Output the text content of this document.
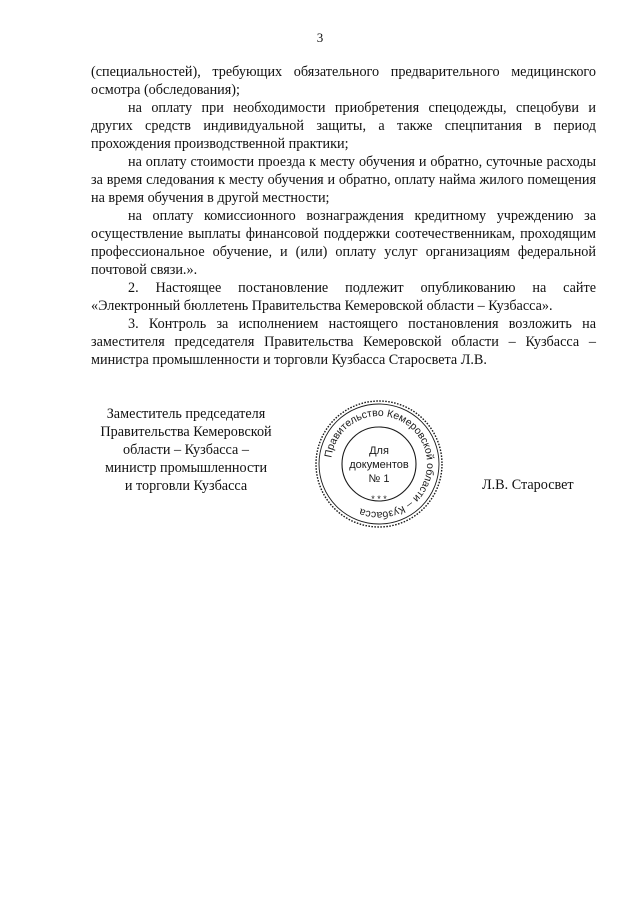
3

(специальностей), требующих обязательного предварительного медицинского осмотра (обследования);

на оплату при необходимости приобретения спецодежды, спецобуви и других средств индивидуальной защиты, а также спецпитания в период прохождения производственной практики;

на оплату стоимости проезда к месту обучения и обратно, суточные расходы за время следования к месту обучения и обратно, оплату найма жилого помещения на время обучения в другой местности;

на оплату комиссионного вознаграждения кредитному учреждению за осуществление выплаты финансовой поддержки соотечественникам, проходящим профессиональное обучение, и (или) оплату услуг организациям федеральной почтовой связи.».

2. Настоящее постановление подлежит опубликованию на сайте «Электронный бюллетень Правительства Кемеровской области – Кузбасса».

3. Контроль за исполнением настоящего постановления возложить на заместителя председателя Правительства Кемеровской области – Кузбасса – министра промышленности и торговли Кузбасса Старосвета Л.В.

Заместитель председателя
Правительства Кемеровской
области – Кузбасса –
министр промышленности
и торговли Кузбасса
Правительство Кемеровской области – Кузбасса
* * *
Для
документов
№ 1	Л.В. Старосвет
